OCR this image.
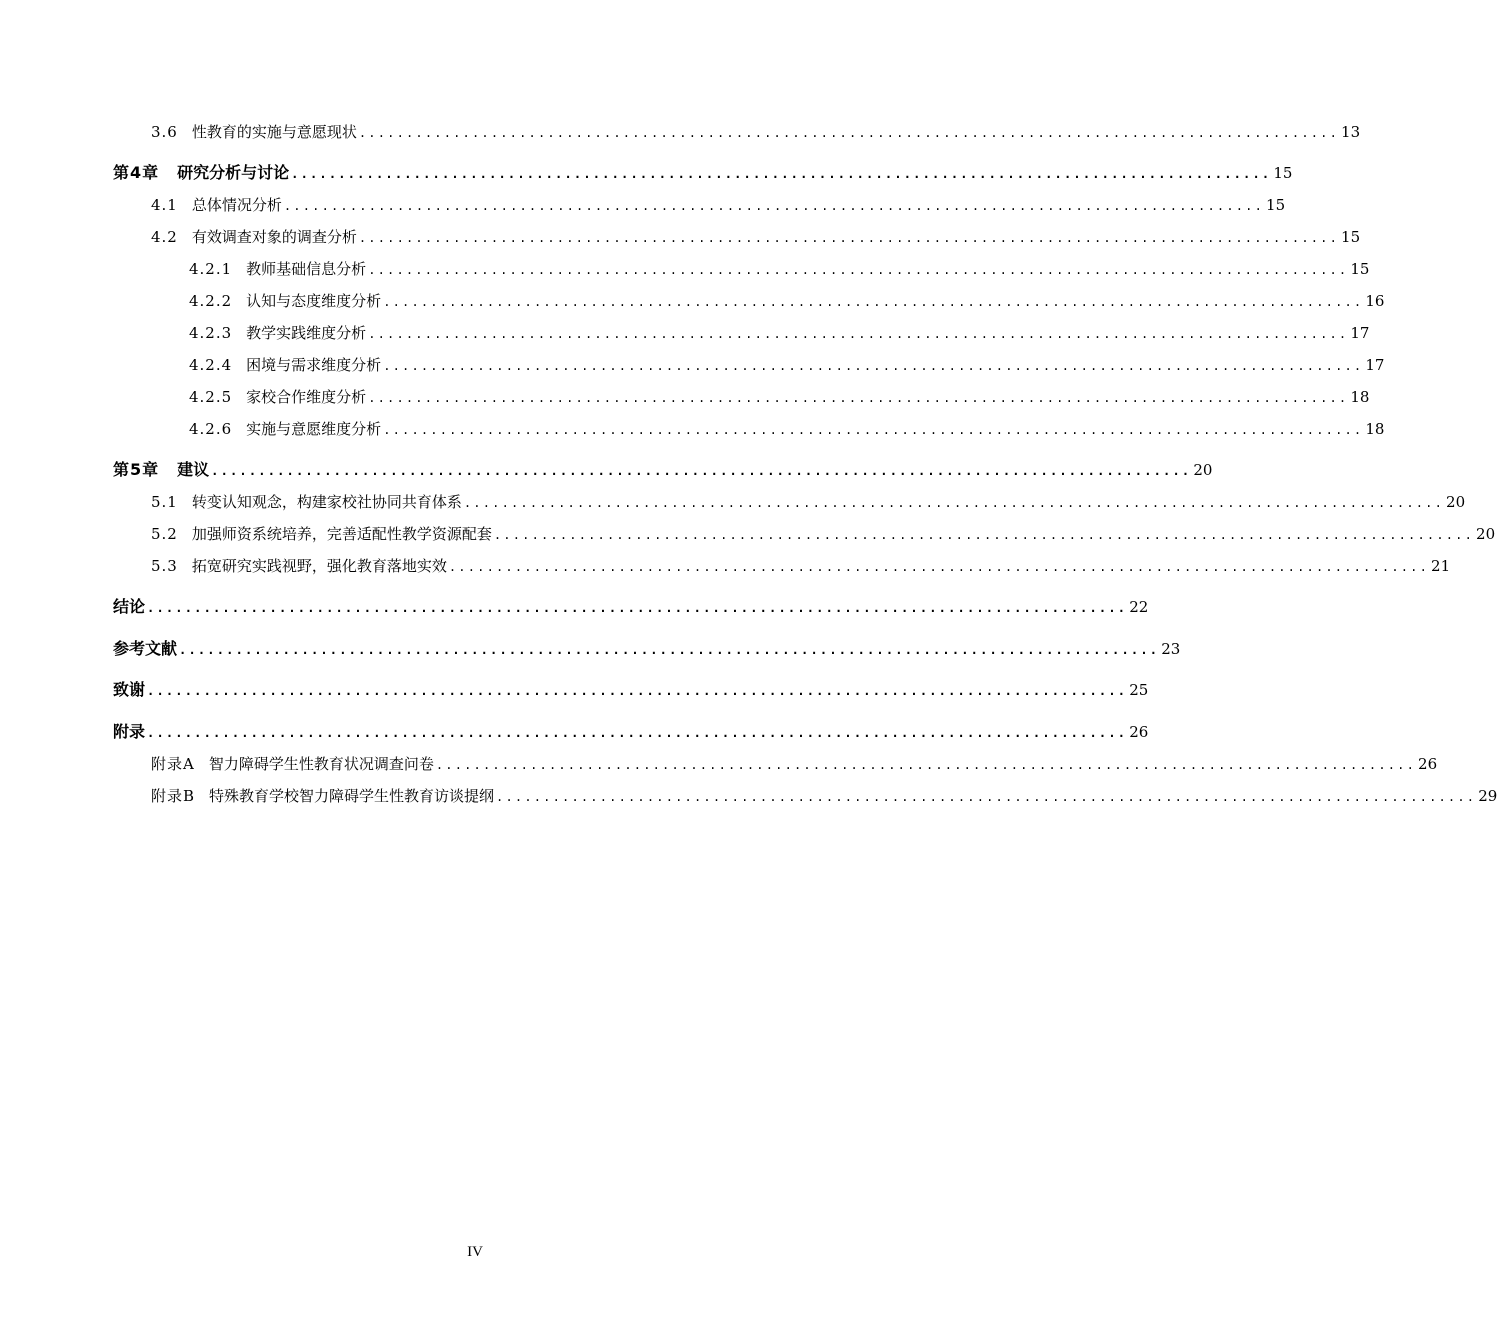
3.6 性教育的实施与意愿现状 ........................................................................................................ 13
第4章 研究分析与讨论 ........................................................................................................ 15
4.1 总体情况分析 ........................................................................................................ 15
4.2 有效调查对象的调查分析 ........................................................................................................ 15
4.2.1 教师基础信息分析 ........................................................................................................ 15
4.2.2 认知与态度维度分析 ........................................................................................................ 16
4.2.3 教学实践维度分析 ........................................................................................................ 17
4.2.4 困境与需求维度分析 ........................................................................................................ 17
4.2.5 家校合作维度分析 ........................................................................................................ 18
4.2.6 实施与意愿维度分析 ........................................................................................................ 18
第5章 建议 ........................................................................................................ 20
5.1 转变认知观念，构建家校社协同共育体系 ........................................................................................................ 20
5.2 加强师资系统培养，完善适配性教学资源配套 ........................................................................................................ 20
5.3 拓宽研究实践视野，强化教育落地实效 ........................................................................................................ 21
结论 ........................................................................................................ 22
参考文献 ........................................................................................................ 23
致谢 ........................................................................................................ 25
附录 ........................................................................................................ 26
附录A 智力障碍学生性教育状况调查问卷 ........................................................................................................ 26
附录B 特殊教育学校智力障碍学生性教育访谈提纲 ........................................................................................................ 29
IV
